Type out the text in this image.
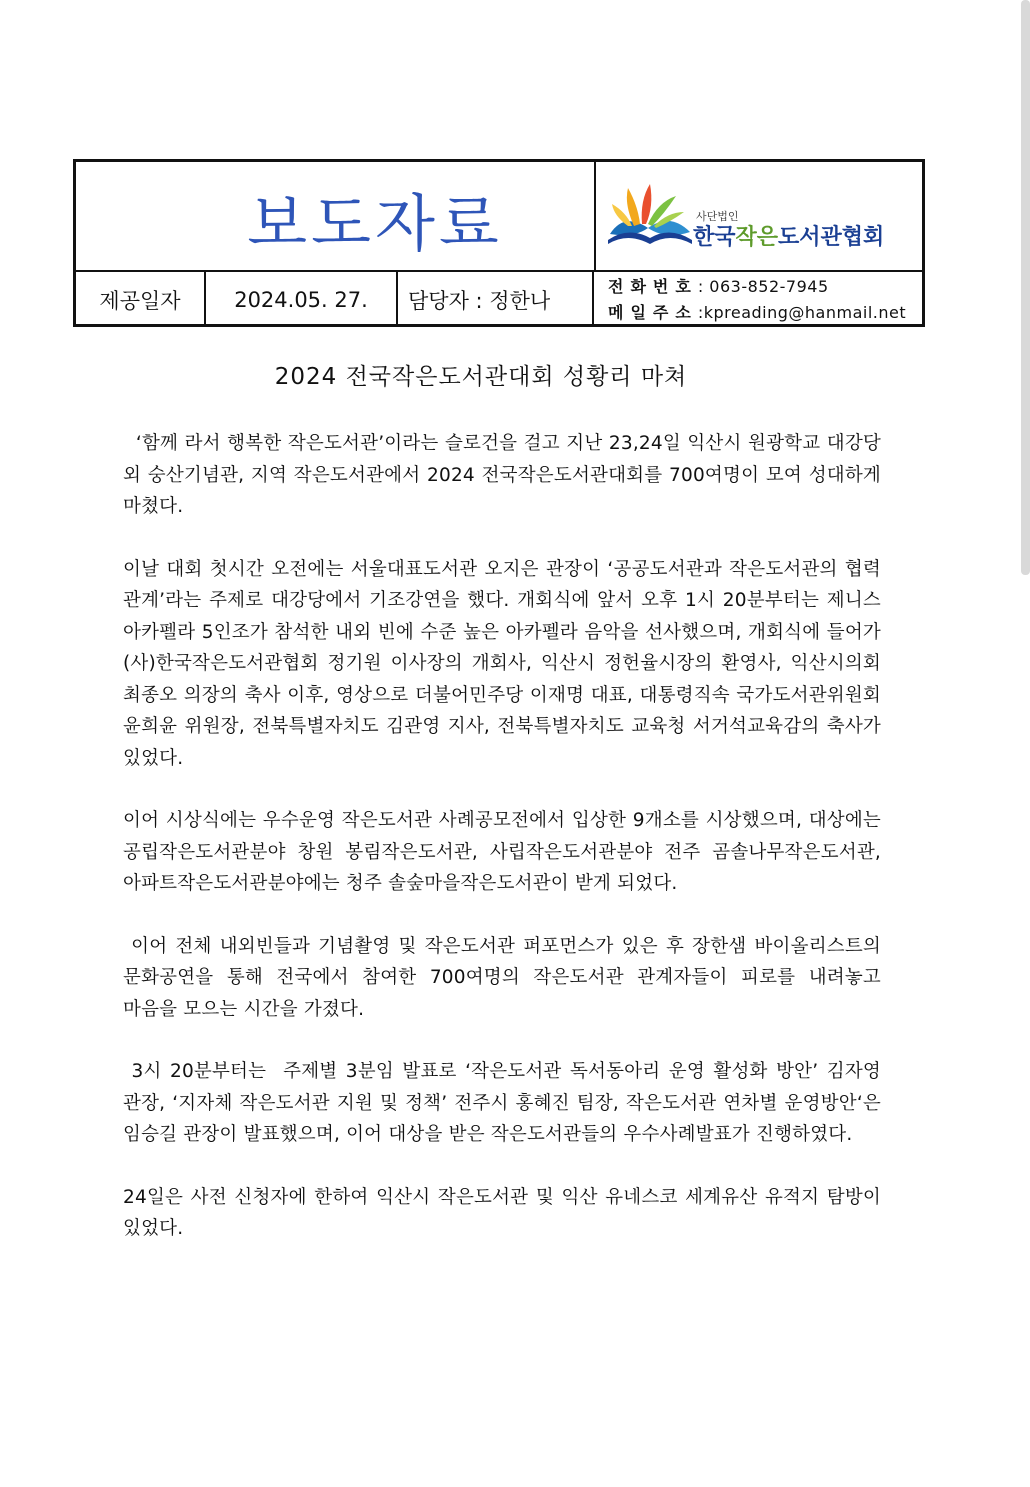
보도자료	사단법인
한국작은도서관협회
제공일자	2024.05. 27.	담당자 : 정한나
전화번호: 063-852-7945
메일주소:kpreading@hanmail.net
2024 전국작은도서관대회 성황리 마쳐

‘함께 라서 행복한 작은도서관’이라는 슬로건을 걸고 지난 23,24일 익산시 원광학교 대강당 외 숭산기념관, 지역 작은도서관에서 2024 전국작은도서관대회를 700여명이 모여 성대하게 마쳤다.

이날 대회 첫시간 오전에는 서울대표도서관 오지은 관장이 ‘공공도서관과 작은도서관의 협력 관계’라는 주제로 대강당에서 기조강연을 했다. 개회식에 앞서 오후 1시 20분부터는 제니스 아카펠라 5인조가 참석한 내외 빈에 수준 높은 아카펠라 음악을 선사했으며, 개회식에 들어가 (사)한국작은도서관협회 정기원 이사장의 개회사, 익산시 정헌율시장의 환영사, 익산시의회 최종오 의장의 축사 이후, 영상으로 더불어민주당 이재명 대표, 대통령직속 국가도서관위원회 윤희윤 위원장, 전북특별자치도 김관영 지사, 전북특별자치도 교육청 서거석교육감의 축사가 있었다.

이어 시상식에는 우수운영 작은도서관 사례공모전에서 입상한 9개소를 시상했으며, 대상에는 공립작은도서관분야 창원 봉림작은도서관, 사립작은도서관분야 전주 곰솔나무작은도서관, 아파트작은도서관분야에는 청주 솔숲마을작은도서관이 받게 되었다.

이어 전체 내외빈들과 기념촬영 및 작은도서관 퍼포먼스가 있은 후 장한샘 바이올리스트의 문화공연을 통해 전국에서 참여한 700여명의 작은도서관 관계자들이 피로를 내려놓고 마음을 모으는 시간을 가졌다.

3시 20분부터는  주제별 3분임 발표로 ‘작은도서관 독서동아리 운영 활성화 방안’ 김자영 관장, ‘지자체 작은도서관 지원 및 정책’ 전주시 홍혜진 팀장, 작은도서관 연차별 운영방안‘은 임승길 관장이 발표했으며, 이어 대상을 받은 작은도서관들의 우수사례발표가 진행하였다.

24일은 사전 신청자에 한하여 익산시 작은도서관 및 익산 유네스코 세계유산 유적지 탐방이 있었다.
